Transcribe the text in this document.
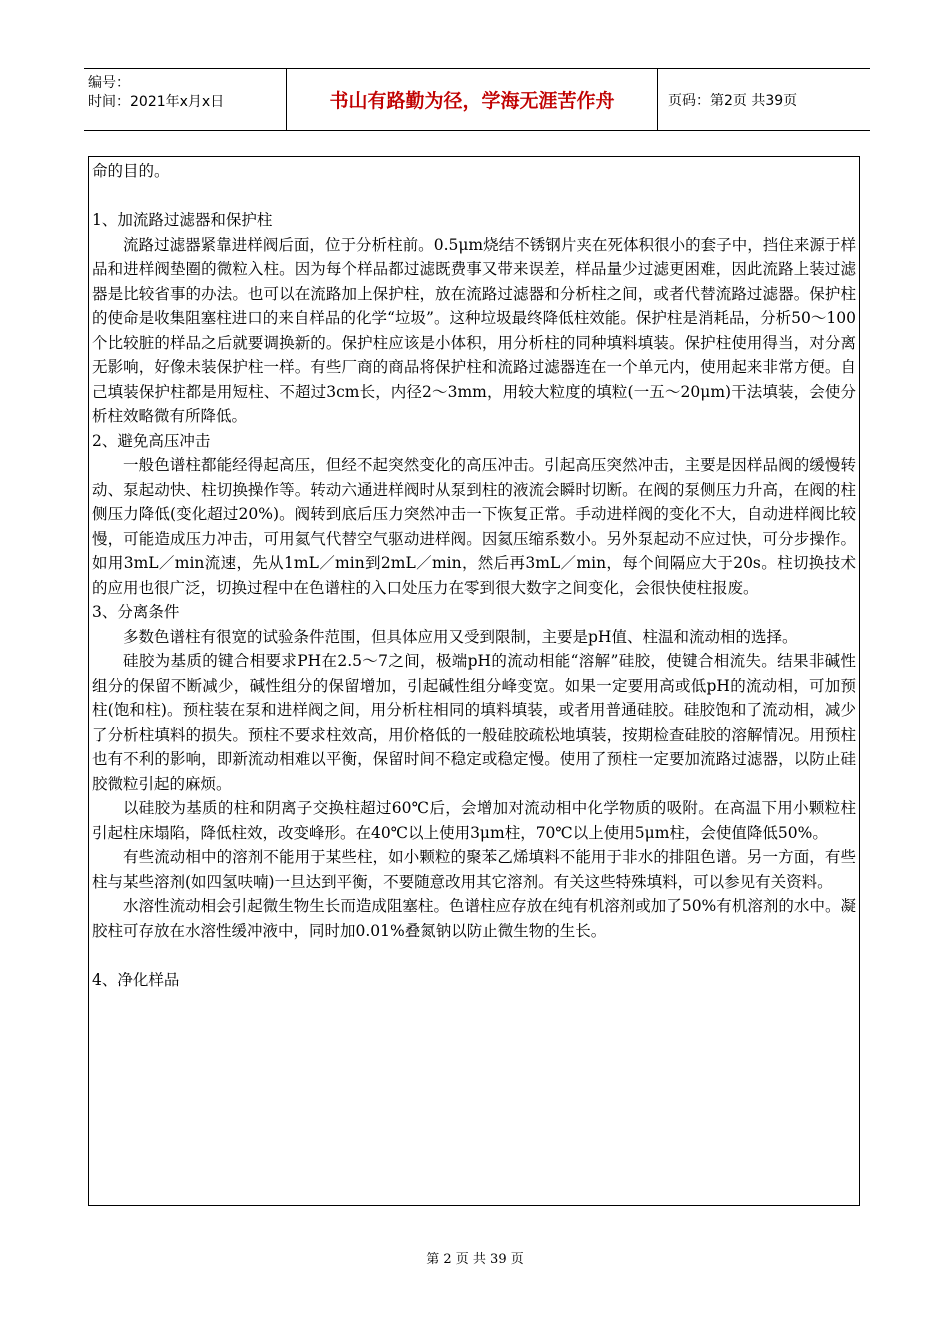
编号：
时间：2021年x月x日	书山有路勤为径，学海无涯苦作舟	页码：第2页 共39页

命的目的。

1、加流路过滤器和保护柱

流路过滤器紧靠进样阀后面，位于分析柱前。0.5μm烧结不锈钢片夹在死体积很小的套子中，挡住来源于样品和进样阀垫圈的微粒入柱。因为每个样品都过滤既费事又带来误差，样品量少过滤更困难，因此流路上装过滤器是比较省事的办法。也可以在流路加上保护柱，放在流路过滤器和分析柱之间，或者代替流路过滤器。保护柱的使命是收集阻塞柱进口的来自样品的化学“垃圾”。这种垃圾最终降低柱效能。保护柱是消耗品，分析50～100个比较脏的样品之后就要调换新的。保护柱应该是小体积，用分析柱的同种填料填装。保护柱使用得当，对分离无影响，好像未装保护柱一样。有些厂商的商品将保护柱和流路过滤器连在一个单元内，使用起来非常方便。自己填装保护柱都是用短柱、不超过3cm长，内径2～3mm，用较大粒度的填粒(一五～20μm)干法填装，会使分析柱效略微有所降低。

2、避免高压冲击

一般色谱柱都能经得起高压，但经不起突然变化的高压冲击。引起高压突然冲击，主要是因样品阀的缓慢转动、泵起动快、柱切换操作等。转动六通进样阀时从泵到柱的液流会瞬时切断。在阀的泵侧压力升高，在阀的柱侧压力降低(变化超过20%)。阀转到底后压力突然冲击一下恢复正常。手动进样阀的变化不大，自动进样阀比较慢，可能造成压力冲击，可用氦气代替空气驱动进样阀。因氦压缩系数小。另外泵起动不应过快，可分步操作。如用3mL／min流速，先从1mL／min到2mL／min，然后再3mL／min，每个间隔应大于20s。柱切换技术的应用也很广泛，切换过程中在色谱柱的入口处压力在零到很大数字之间变化，会很快使柱报废。

3、分离条件

多数色谱柱有很宽的试验条件范围，但具体应用又受到限制，主要是pH值、柱温和流动相的选择。

硅胶为基质的键合相要求PH在2.5～7之间，极端pH的流动相能“溶解”硅胶，使键合相流失。结果非碱性组分的保留不断减少，碱性组分的保留增加，引起碱性组分峰变宽。如果一定要用高或低pH的流动相，可加预柱(饱和柱)。预柱装在泵和进样阀之间，用分析柱相同的填料填装，或者用普通硅胶。硅胶饱和了流动相，减少了分析柱填料的损失。预柱不要求柱效高，用价格低的一般硅胶疏松地填装，按期检查硅胶的溶解情况。用预柱也有不利的影响，即新流动相难以平衡，保留时间不稳定或稳定慢。使用了预柱一定要加流路过滤器，以防止硅胶微粒引起的麻烦。

以硅胶为基质的柱和阴离子交换柱超过60℃后，会增加对流动相中化学物质的吸附。在高温下用小颗粒柱引起柱床塌陷，降低柱效，改变峰形。在40℃以上使用3μm柱，70℃以上使用5μm柱，会使值降低50%。

有些流动相中的溶剂不能用于某些柱，如小颗粒的聚苯乙烯填料不能用于非水的排阻色谱。另一方面，有些柱与某些溶剂(如四氢呋喃)一旦达到平衡，不要随意改用其它溶剂。有关这些特殊填料，可以参见有关资料。

水溶性流动相会引起微生物生长而造成阻塞柱。色谱柱应存放在纯有机溶剂或加了50%有机溶剂的水中。凝胶柱可存放在水溶性缓冲液中，同时加0.01%叠氮钠以防止微生物的生长。

4、净化样品

第 2 页 共 39 页
